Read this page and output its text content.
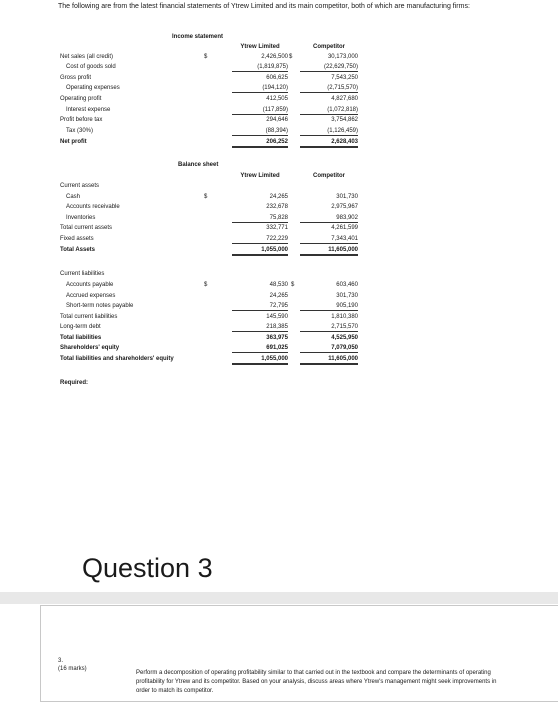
The following are from the latest financial statements of Ytrew Limited and its main competitor, both of which are manufacturing firms:
Income statement
Ytrew Limited	Competitor
$	$
Net sales (all credit)	2,426,500	30,173,000
Cost of goods sold	(1,819,875)	(22,629,750)
Gross profit	606,625	7,543,250
Operating expenses	(194,120)	(2,715,570)
Operating profit	412,505	4,827,680
Interest expense	(117,859)	(1,072,818)
Profit before tax	294,646	3,754,862
Tax (30%)	(88,394)	(1,126,459)
Net profit	206,252	2,628,403
Balance sheet
Ytrew Limited	Competitor
Current assets
$
Cash	24,265	301,730
Accounts receivable	232,678	2,975,967
Inventories	75,828	983,902
Total current assets	332,771	4,261,599
Fixed assets	722,229	7,343,401
Total Assets	1,055,000	11,605,000
Current liabilities
$	$
Accounts payable	48,530	603,460
Accrued expenses	24,265	301,730
Short-term notes payable	72,795	905,190
Total current liabilities	145,590	1,810,380
Long-term debt	218,385	2,715,570
Total liabilities	363,975	4,525,950
Shareholders' equity	691,025	7,079,050
Total liabilities and shareholders' equity	1,055,000	11,605,000
Required:
Question 3
3.
(16 marks)
Perform a decomposition of operating profitability similar to that carried out in the textbook and compare the determinants of operating profitability for Ytrew and its competitor. Based on your analysis, discuss areas where Ytrew's management might seek improvements in order to match its competitor.
